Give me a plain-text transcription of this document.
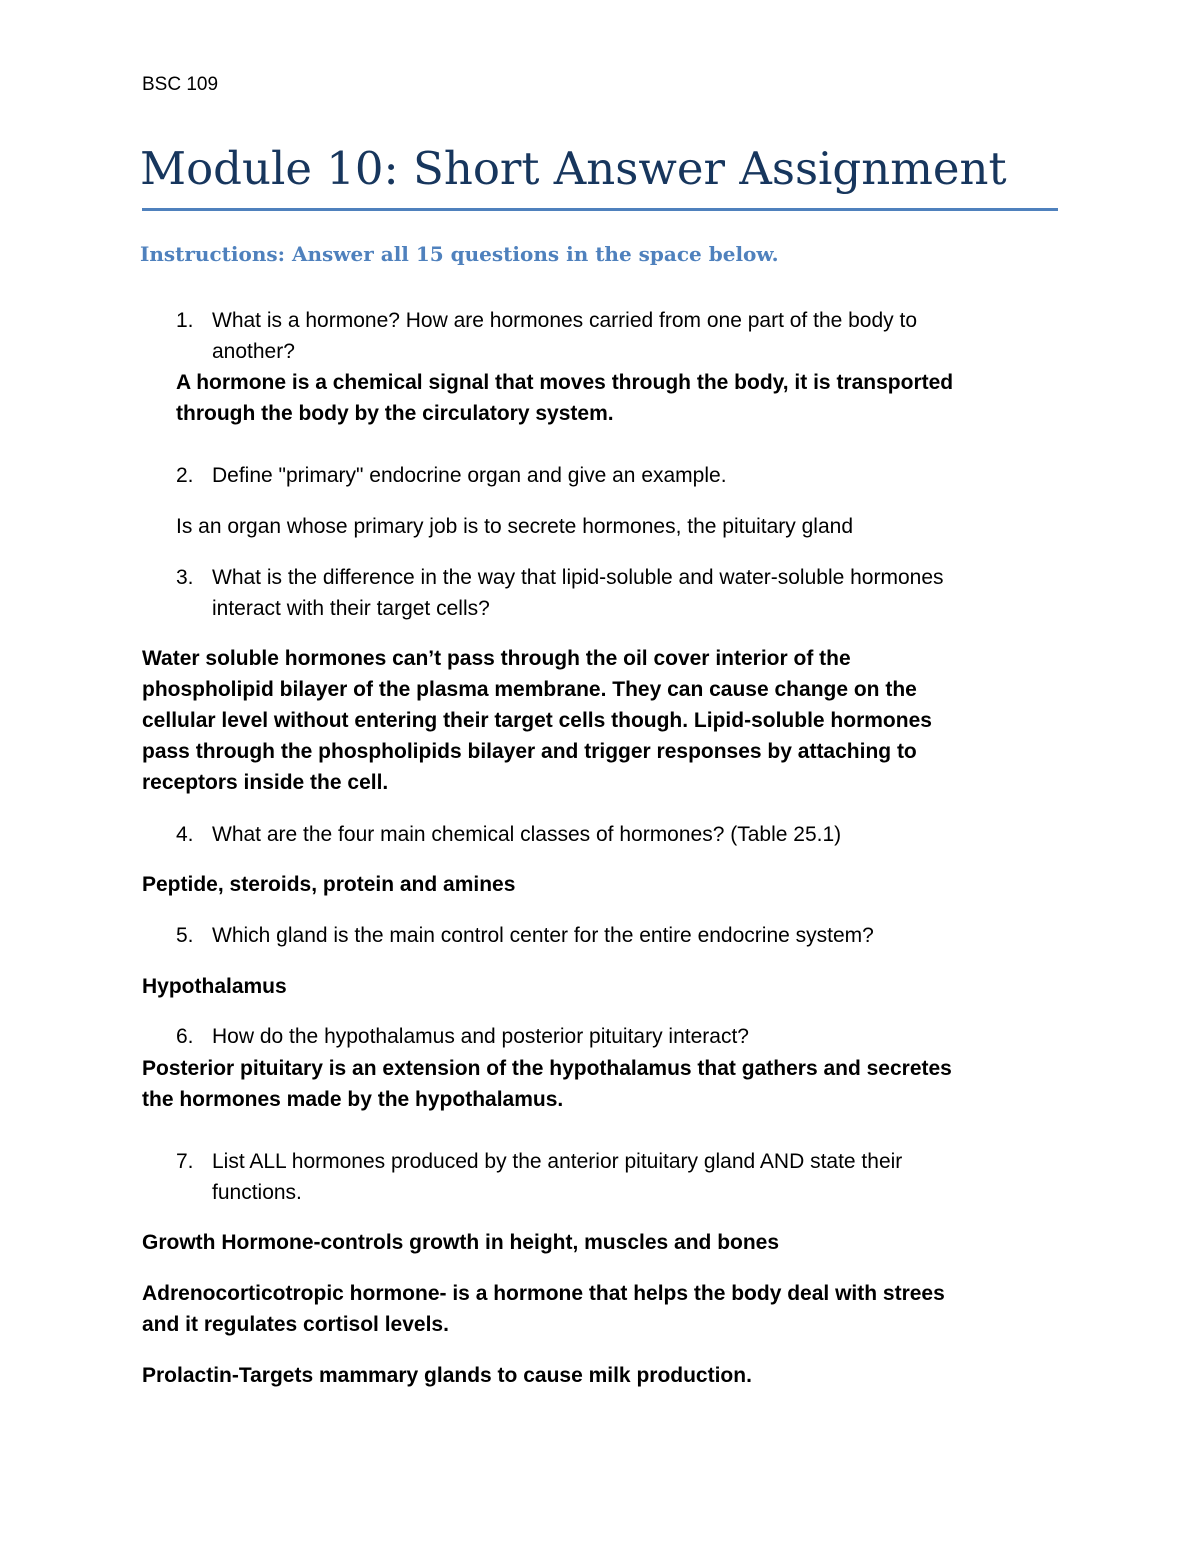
BSC 109
Module 10: Short Answer Assignment
Instructions: Answer all 15 questions in the space below.
1. What is a hormone? How are hormones carried from one part of the body to
another?
A hormone is a chemical signal that moves through the body, it is transported
through the body by the circulatory system.
2. Define "primary" endocrine organ and give an example.
Is an organ whose primary job is to secrete hormones, the pituitary gland
3. What is the difference in the way that lipid-soluble and water-soluble hormones
interact with their target cells?
Water soluble hormones can’t pass through the oil cover interior of the
phospholipid bilayer of the plasma membrane. They can cause change on the
cellular level without entering their target cells though. Lipid-soluble hormones
pass through the phospholipids bilayer and trigger responses by attaching to
receptors inside the cell.
4. What are the four main chemical classes of hormones? (Table 25.1)
Peptide, steroids, protein and amines
5. Which gland is the main control center for the entire endocrine system?
Hypothalamus
6. How do the hypothalamus and posterior pituitary interact?
Posterior pituitary is an extension of the hypothalamus that gathers and secretes
the hormones made by the hypothalamus.
7. List ALL hormones produced by the anterior pituitary gland AND state their
functions.
Growth Hormone-controls growth in height, muscles and bones
Adrenocorticotropic hormone- is a hormone that helps the body deal with strees
and it regulates cortisol levels.
Prolactin-Targets mammary glands to cause milk production.
